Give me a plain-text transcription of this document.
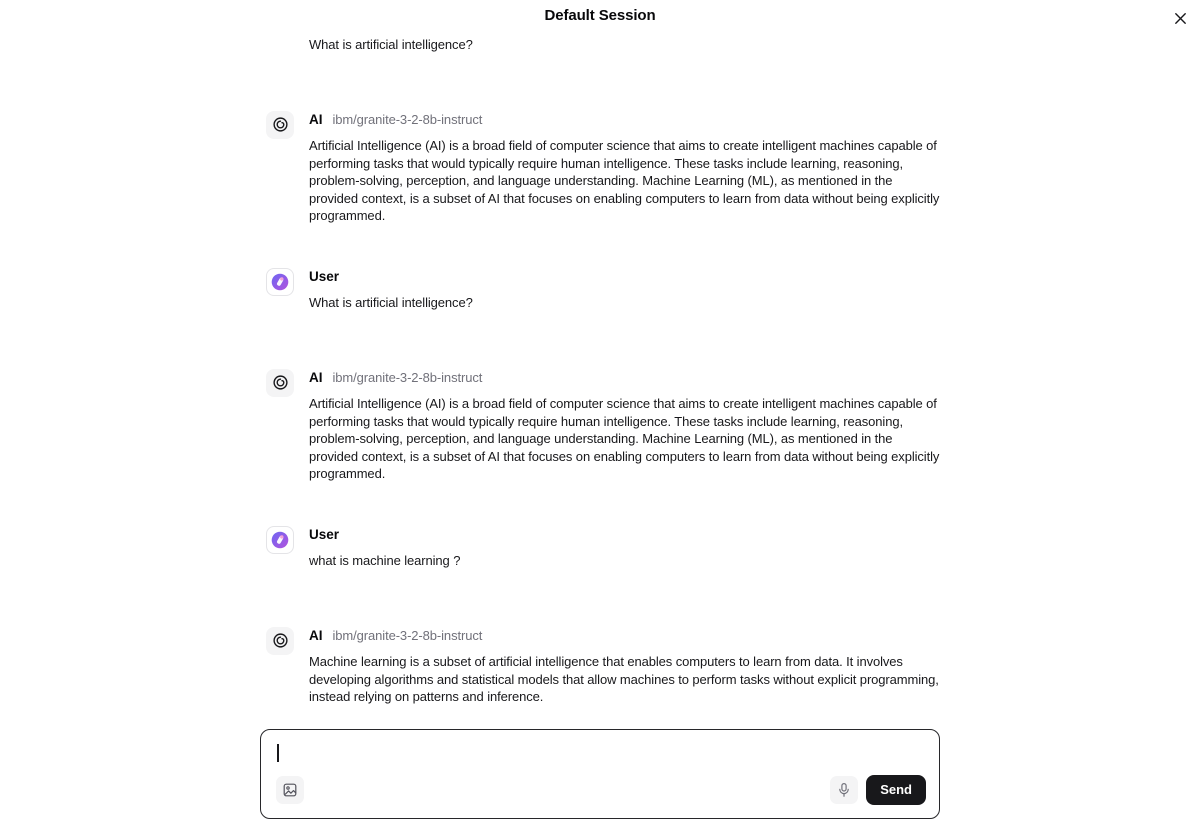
Default Session

What is artificial intelligence?

AI ibm/granite-3-2-8b-instruct

Artificial Intelligence (AI) is a broad field of computer science that aims to create intelligent machines capable of performing tasks that would typically require human intelligence. These tasks include learning, reasoning, problem-solving, perception, and language understanding. Machine Learning (ML), as mentioned in the provided context, is a subset of AI that focuses on enabling computers to learn from data without being explicitly programmed.

User

What is artificial intelligence?

AI ibm/granite-3-2-8b-instruct

Artificial Intelligence (AI) is a broad field of computer science that aims to create intelligent machines capable of performing tasks that would typically require human intelligence. These tasks include learning, reasoning, problem-solving, perception, and language understanding. Machine Learning (ML), as mentioned in the provided context, is a subset of AI that focuses on enabling computers to learn from data without being explicitly programmed.

User

what is machine learning ?

AI ibm/granite-3-2-8b-instruct

Machine learning is a subset of artificial intelligence that enables computers to learn from data. It involves developing algorithms and statistical models that allow machines to perform tasks without explicit programming, instead relying on patterns and inference.

Send
